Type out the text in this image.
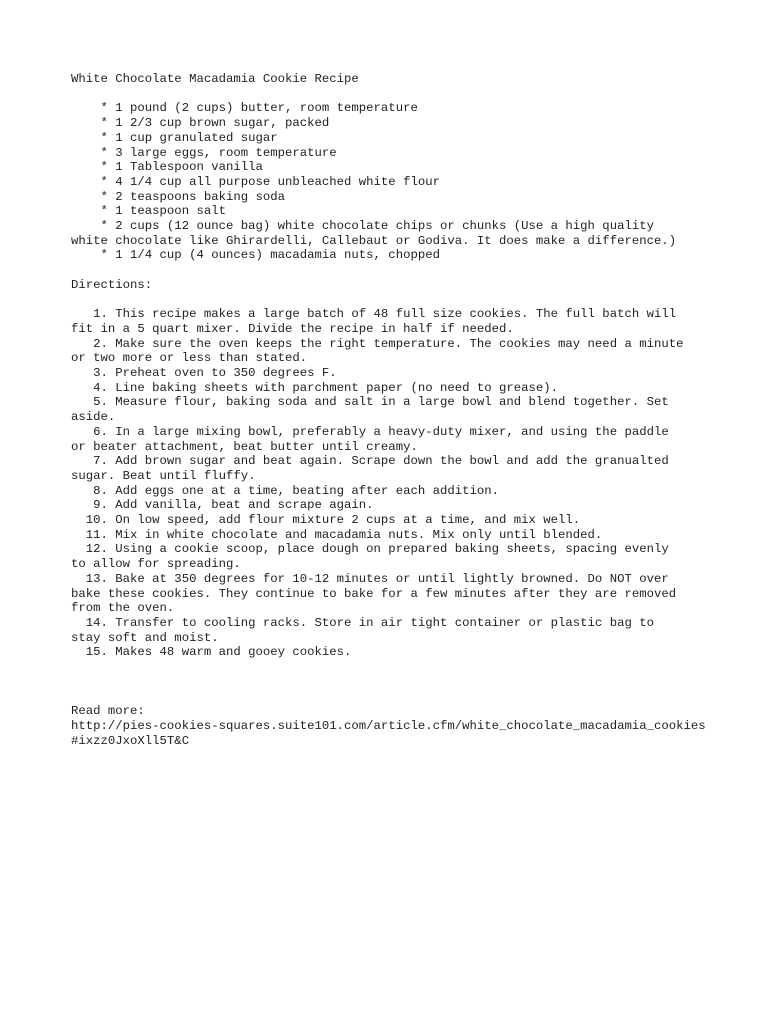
White Chocolate Macadamia Cookie Recipe
* 1 pound (2 cups) butter, room temperature
* 1 2/3 cup brown sugar, packed
* 1 cup granulated sugar
* 3 large eggs, room temperature
* 1 Tablespoon vanilla
* 4 1/4 cup all purpose unbleached white flour
* 2 teaspoons baking soda
* 1 teaspoon salt
* 2 cups (12 ounce bag) white chocolate chips or chunks (Use a high quality
white chocolate like Ghirardelli, Callebaut or Godiva. It does make a difference.)
* 1 1/4 cup (4 ounces) macadamia nuts, chopped
Directions:
1. This recipe makes a large batch of 48 full size cookies. The full batch will
fit in a 5 quart mixer. Divide the recipe in half if needed.
2. Make sure the oven keeps the right temperature. The cookies may need a minute
or two more or less than stated.
3. Preheat oven to 350 degrees F.
4. Line baking sheets with parchment paper (no need to grease).
5. Measure flour, baking soda and salt in a large bowl and blend together. Set
aside.
6. In a large mixing bowl, preferably a heavy-duty mixer, and using the paddle
or beater attachment, beat butter until creamy.
7. Add brown sugar and beat again. Scrape down the bowl and add the granualted
sugar. Beat until fluffy.
8. Add eggs one at a time, beating after each addition.
9. Add vanilla, beat and scrape again.
10. On low speed, add flour mixture 2 cups at a time, and mix well.
11. Mix in white chocolate and macadamia nuts. Mix only until blended.
12. Using a cookie scoop, place dough on prepared baking sheets, spacing evenly
to allow for spreading.
13. Bake at 350 degrees for 10-12 minutes or until lightly browned. Do NOT over
bake these cookies. They continue to bake for a few minutes after they are removed
from the oven.
14. Transfer to cooling racks. Store in air tight container or plastic bag to
stay soft and moist.
15. Makes 48 warm and gooey cookies.
Read more:
http://pies-cookies-squares.suite101.com/article.cfm/white_chocolate_macadamia_cookies#ixzz0JxoXll5T&C
